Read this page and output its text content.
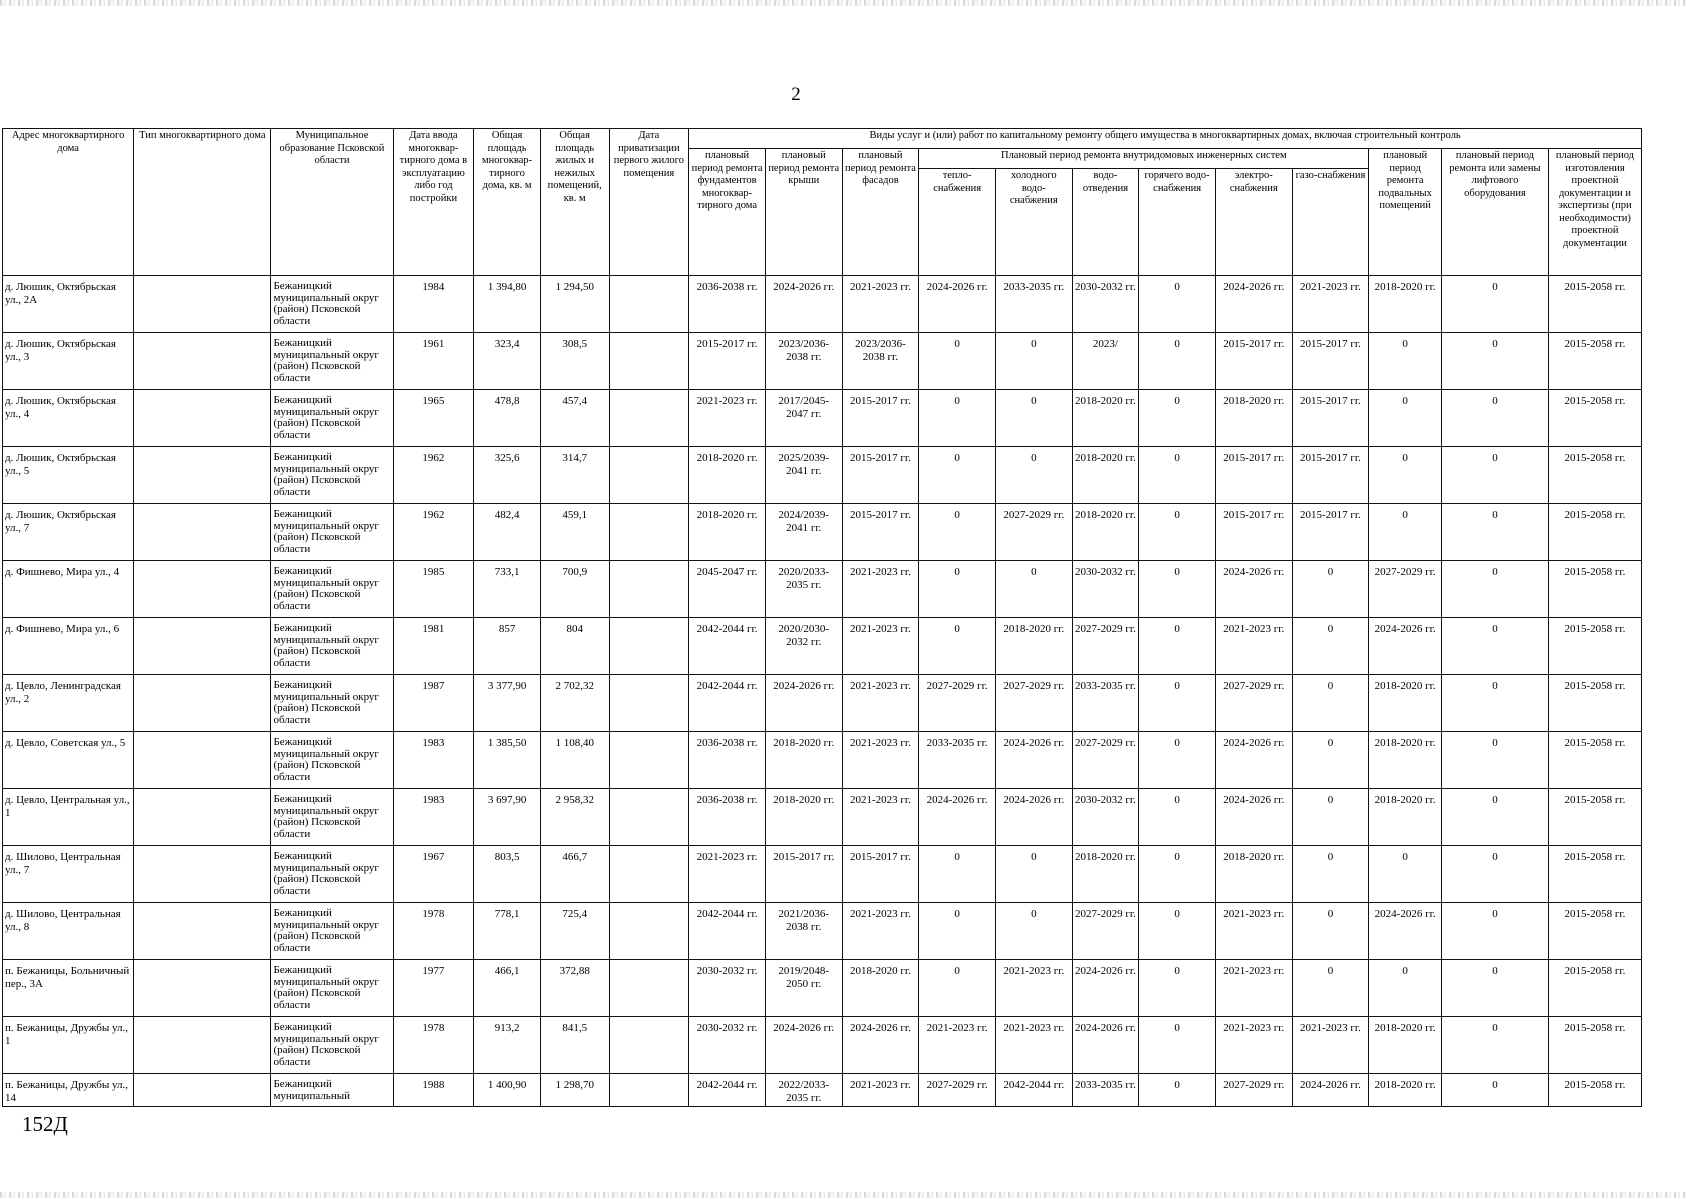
2
Адрес многоквартирного дома	Тип многоквартирного дома	Муниципальное образование Псковской области	Дата ввода многоквар-тирного дома в эксплуатацию либо год постройки	Общая площадь многоквар-тирного дома, кв. м	Общая площадь жилых и нежилых помещений, кв. м	Дата приватизации первого жилого помещения	Виды услуг и (или) работ по капитальному ремонту общего имущества в многоквартирных домах, включая строительный контроль											
							плановый период ремонта фундаментов многоквар-тирного дома	плановый период ремонта крыши	плановый период ремонта фасадов	Плановый период ремонта внутридомовых инженерных систем						плановый период ремонта подвальных помещений	плановый период ремонта или замены лифтового оборудования	плановый период изготовления проектной документации и экспертизы (при необходимости) проектной документации
										тепло-снабжения	холодного водо-снабжения	водо-отведения	горячего водо-снабжения	электро-снабжения	газо-снабжения			
д. Люшик, Октябрьская ул., 2А		Бежаницкий муниципальный округ (район) Псковской области	1984	1 394,80	1 294,50		2036-2038 гг.	2024-2026 гг.	2021-2023 гг.	2024-2026 гг.	2033-2035 гг.	2030-2032 гг.	0	2024-2026 гг.	2021-2023 гг.	2018-2020 гг.	0	2015-2058 гг.
д. Люшик, Октябрьская ул., 3		Бежаницкий муниципальный округ (район) Псковской области	1961	323,4	308,5		2015-2017 гг.	2023/2036-2038 гг.	2023/2036-2038 гг.	0	0	2023/	0	2015-2017 гг.	2015-2017 гг.	0	0	2015-2058 гг.
д. Люшик, Октябрьская ул., 4		Бежаницкий муниципальный округ (район) Псковской области	1965	478,8	457,4		2021-2023 гг.	2017/2045-2047 гг.	2015-2017 гг.	0	0	2018-2020 гг.	0	2018-2020 гг.	2015-2017 гг.	0	0	2015-2058 гг.
д. Люшик, Октябрьская ул., 5		Бежаницкий муниципальный округ (район) Псковской области	1962	325,6	314,7		2018-2020 гг.	2025/2039-2041 гг.	2015-2017 гг.	0	0	2018-2020 гг.	0	2015-2017 гг.	2015-2017 гг.	0	0	2015-2058 гг.
д. Люшик, Октябрьская ул., 7		Бежаницкий муниципальный округ (район) Псковской области	1962	482,4	459,1		2018-2020 гг.	2024/2039-2041 гг.	2015-2017 гг.	0	2027-2029 гг.	2018-2020 гг.	0	2015-2017 гг.	2015-2017 гг.	0	0	2015-2058 гг.
д. Фишнево, Мира ул., 4		Бежаницкий муниципальный округ (район) Псковской области	1985	733,1	700,9		2045-2047 гг.	2020/2033-2035 гг.	2021-2023 гг.	0	0	2030-2032 гг.	0	2024-2026 гг.	0	2027-2029 гг.	0	2015-2058 гг.
д. Фишнево, Мира ул., 6		Бежаницкий муниципальный округ (район) Псковской области	1981	857	804		2042-2044 гг.	2020/2030-2032 гг.	2021-2023 гг.	0	2018-2020 гг.	2027-2029 гг.	0	2021-2023 гг.	0	2024-2026 гг.	0	2015-2058 гг.
д. Цевло, Ленинградская ул., 2		Бежаницкий муниципальный округ (район) Псковской области	1987	3 377,90	2 702,32		2042-2044 гг.	2024-2026 гг.	2021-2023 гг.	2027-2029 гг.	2027-2029 гг.	2033-2035 гг.	0	2027-2029 гг.	0	2018-2020 гг.	0	2015-2058 гг.
д. Цевло, Советская ул., 5		Бежаницкий муниципальный округ (район) Псковской области	1983	1 385,50	1 108,40		2036-2038 гг.	2018-2020 гг.	2021-2023 гг.	2033-2035 гг.	2024-2026 гг.	2027-2029 гг.	0	2024-2026 гг.	0	2018-2020 гг.	0	2015-2058 гг.
д. Цевло, Центральная ул., 1		Бежаницкий муниципальный округ (район) Псковской области	1983	3 697,90	2 958,32		2036-2038 гг.	2018-2020 гг.	2021-2023 гг.	2024-2026 гг.	2024-2026 гг.	2030-2032 гг.	0	2024-2026 гг.	0	2018-2020 гг.	0	2015-2058 гг.
д. Шилово, Центральная ул., 7		Бежаницкий муниципальный округ (район) Псковской области	1967	803,5	466,7		2021-2023 гг.	2015-2017 гг.	2015-2017 гг.	0	0	2018-2020 гг.	0	2018-2020 гг.	0	0	0	2015-2058 гг.
д. Шилово, Центральная ул., 8		Бежаницкий муниципальный округ (район) Псковской области	1978	778,1	725,4		2042-2044 гг.	2021/2036-2038 гг.	2021-2023 гг.	0	0	2027-2029 гг.	0	2021-2023 гг.	0	2024-2026 гг.	0	2015-2058 гг.
п. Бежаницы, Больничный пер., 3А		Бежаницкий муниципальный округ (район) Псковской области	1977	466,1	372,88		2030-2032 гг.	2019/2048-2050 гг.	2018-2020 гг.	0	2021-2023 гг.	2024-2026 гг.	0	2021-2023 гг.	0	0	0	2015-2058 гг.
п. Бежаницы, Дружбы ул., 1		Бежаницкий муниципальный округ (район) Псковской области	1978	913,2	841,5		2030-2032 гг.	2024-2026 гг.	2024-2026 гг.	2021-2023 гг.	2021-2023 гг.	2024-2026 гг.	0	2021-2023 гг.	2021-2023 гг.	2018-2020 гг.	0	2015-2058 гг.
п. Бежаницы, Дружбы ул., 14		Бежаницкий муниципальный	1988	1 400,90	1 298,70		2042-2044 гг.	2022/2033-2035 гг.	2021-2023 гг.	2027-2029 гг.	2042-2044 гг.	2033-2035 гг.	0	2027-2029 гг.	2024-2026 гг.	2018-2020 гг.	0	2015-2058 гг.
152Д
